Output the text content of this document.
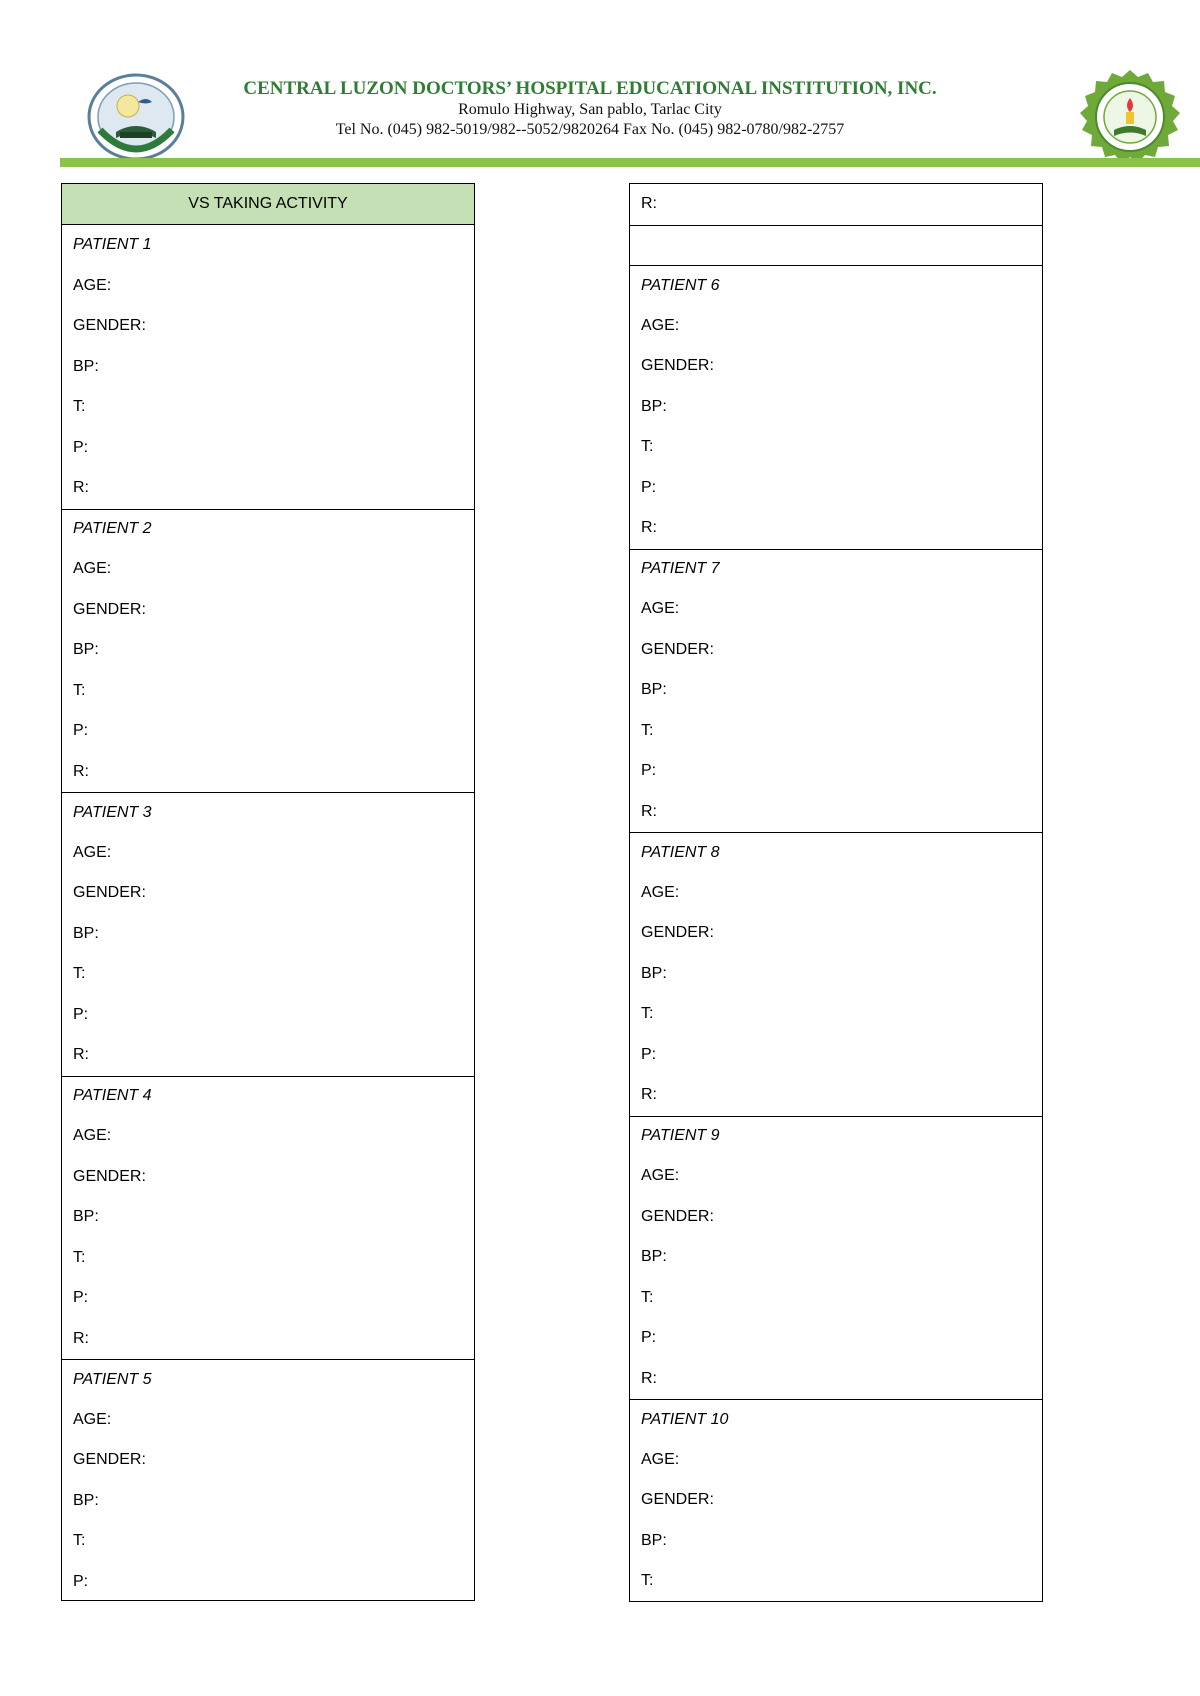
CENTRAL LUZON DOCTORS’ HOSPITAL EDUCATIONAL INSTITUTION, INC.
Romulo Highway, San pablo, Tarlac City
Tel No. (045) 982-5019/982--5052/9820264 Fax No. (045) 982-0780/982-2757
VS TAKING ACTIVITY
PATIENT 1
AGE:
GENDER:
BP:
T:
P:
R:
PATIENT 2
AGE:
GENDER:
BP:
T:
P:
R:
PATIENT 3
AGE:
GENDER:
BP:
T:
P:
R:
PATIENT 4
AGE:
GENDER:
BP:
T:
P:
R:
PATIENT 5
AGE:
GENDER:
BP:
T:
P:
R:
PATIENT 6
AGE:
GENDER:
BP:
T:
P:
R:
PATIENT 7
AGE:
GENDER:
BP:
T:
P:
R:
PATIENT 8
AGE:
GENDER:
BP:
T:
P:
R:
PATIENT 9
AGE:
GENDER:
BP:
T:
P:
R:
PATIENT 10
AGE:
GENDER:
BP:
T:
